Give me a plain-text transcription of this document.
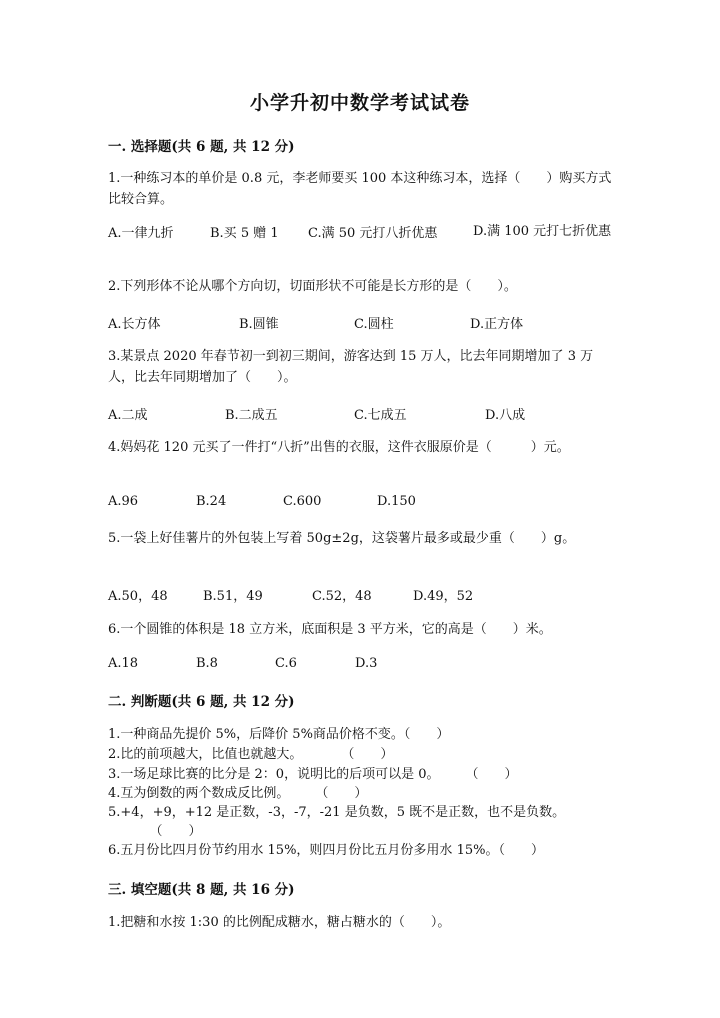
小学升初中数学考试试卷
一. 选择题(共 6 题, 共 12 分)
1.一种练习本的单价是 0.8 元，李老师要买 100 本这种练习本，选择（　　）购买方式比较合算。
A.一律九折	B.买 5 赠 1 C.满 50 元打八折优惠	D.满 100 元打七折优惠
2.下列形体不论从哪个方向切，切面形状不可能是长方形的是（　　）。
A.长方体	B.圆锥	C.圆柱	D.正方体
3.某景点 2020 年春节初一到初三期间，游客达到 15 万人，比去年同期增加了 3 万人，比去年同期增加了（　　）。
A.二成	B.二成五	C.七成五	D.八成
4.妈妈花 120 元买了一件打“八折”出售的衣服，这件衣服原价是（　　　）元。
A.96	B.24	C.600	D.150
5.一袋上好佳薯片的外包装上写着 50g±2g，这袋薯片最多或最少重（　　）g。
A.50，48	B.51，49	C.52，48	D.49，52
6.一个圆锥的体积是 18 立方米，底面积是 3 平方米，它的高是（　　）米。
A.18	B.8	C.6	D.3
二. 判断题(共 6 题, 共 12 分)
1.一种商品先提价 5%，后降价 5%商品价格不变。（　　）
2.比的前项越大，比值也就越大。　　　　（　　）
3.一场足球比赛的比分是 2：0，说明比的后项可以是 0。　　　（　　）
4.互为倒数的两个数成反比例。　　　（　　）
5.+4，+9，+12 是正数，-3，-7，-21 是负数，5 既不是正数，也不是负数。
　　（　　）
6.五月份比四月份节约用水 15%，则四月份比五月份多用水 15%。（　　）
三. 填空题(共 8 题, 共 16 分)
1.把糖和水按 1:30 的比例配成糖水，糖占糖水的（　　）。
